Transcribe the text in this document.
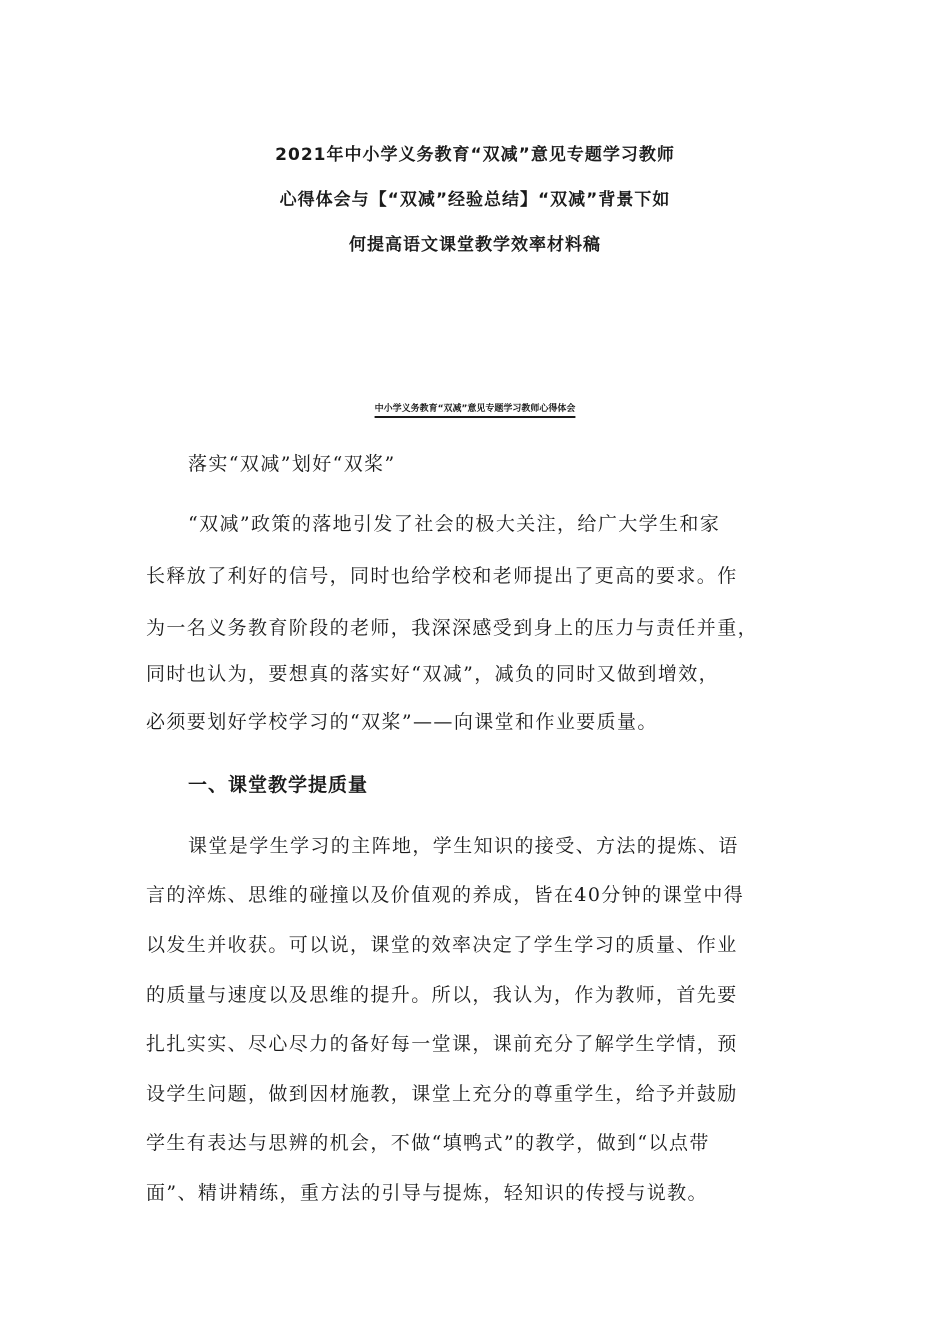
2021年中小学义务教育“双减”意见专题学习教师
心得体会与【“双减”经验总结】“双减”背景下如
何提高语文课堂教学效率材料稿
中小学义务教育“双减”意见专题学习教师心得体会
落实“双减”划好“双桨”
“双减”政策的落地引发了社会的极大关注，给广大学生和家
长释放了利好的信号，同时也给学校和老师提出了更高的要求。作
为一名义务教育阶段的老师，我深深感受到身上的压力与责任并重，
同时也认为，要想真的落实好“双减”，减负的同时又做到增效，
必须要划好学校学习的“双桨”——向课堂和作业要质量。
一、课堂教学提质量
课堂是学生学习的主阵地，学生知识的接受、方法的提炼、语
言的淬炼、思维的碰撞以及价值观的养成，皆在40分钟的课堂中得
以发生并收获。可以说，课堂的效率决定了学生学习的质量、作业
的质量与速度以及思维的提升。所以，我认为，作为教师，首先要
扎扎实实、尽心尽力的备好每一堂课，课前充分了解学生学情，预
设学生问题，做到因材施教，课堂上充分的尊重学生，给予并鼓励
学生有表达与思辨的机会，不做“填鸭式”的教学，做到“以点带
面”、精讲精练，重方法的引导与提炼，轻知识的传授与说教。
